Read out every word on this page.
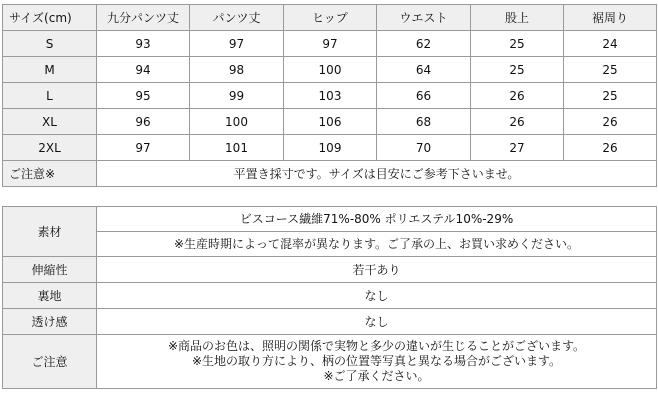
サイズ(cm)	九分パンツ丈	パンツ丈	ヒップ	ウエスト	股上	裾周り
S	93	97	97	62	25	24
M	94	98	100	64	25	25
L	95	99	103	66	26	25
XL	96	100	106	68	26	26
2XL	97	101	109	70	27	26
ご注意※	平置き採寸です。サイズは目安にご参考下さいませ。					
素材	ビスコース繊維71%-80% ポリエステル10%-29%
	※生産時期によって混率が異なります。ご了承の上、お買い求めください。
伸縮性	若干あり
裏地	なし
透け感	なし
ご注意	※商品のお色は、照明の関係で実物と多少の違いが生じることがございます。
※生地の取り方により、柄の位置等写真と異なる場合がございます。
※ご了承ください。
